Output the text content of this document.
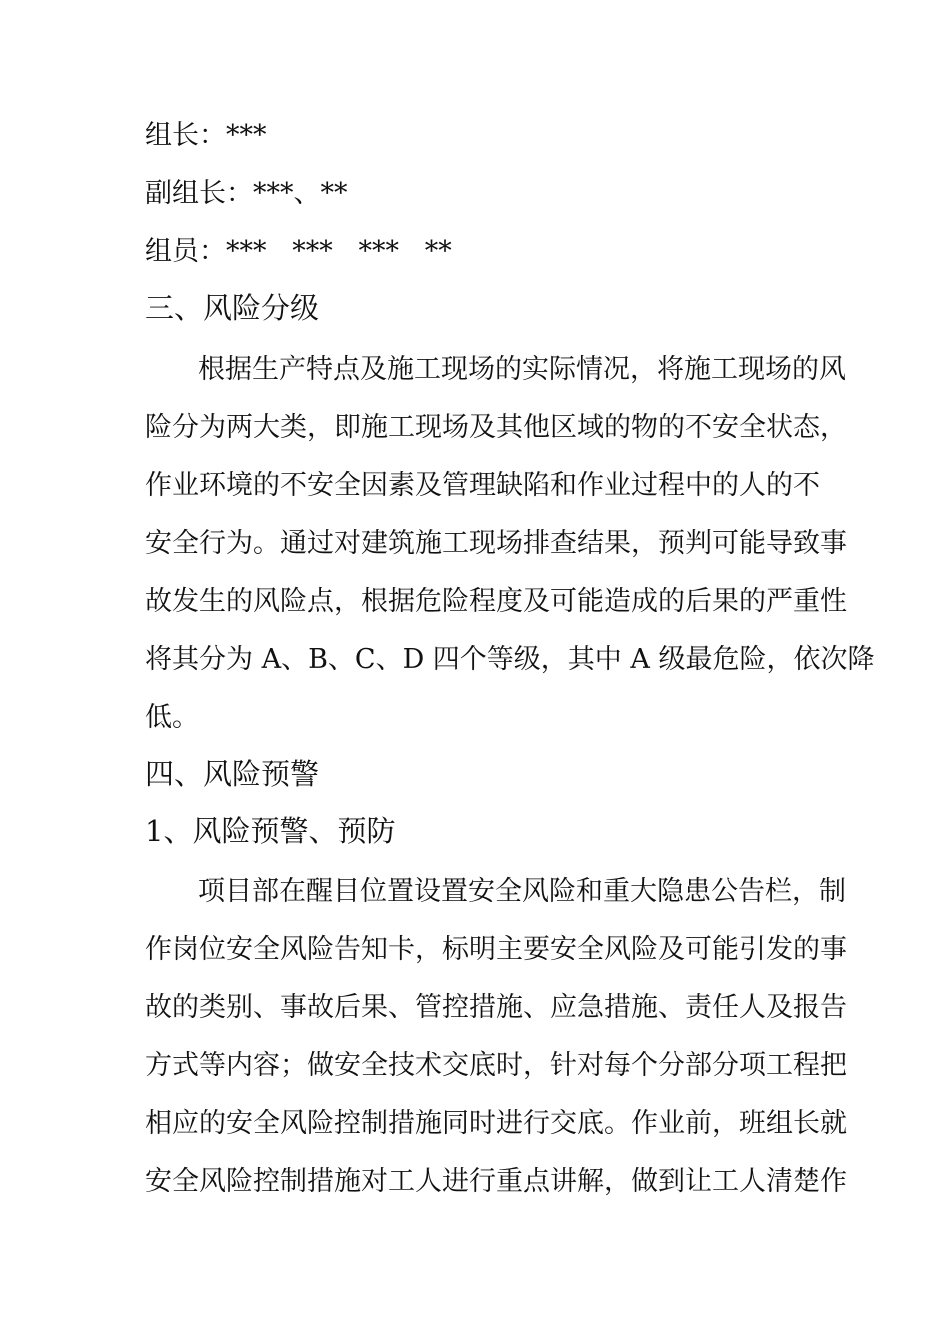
组长：***
副组长：***、**
组员：***   ***   ***   **
三、风险分级
根据生产特点及施工现场的实际情况，将施工现场的风
险分为两大类，即施工现场及其他区域的物的不安全状态，
作业环境的不安全因素及管理缺陷和作业过程中的人的不
安全行为。通过对建筑施工现场排查结果，预判可能导致事
故发生的风险点，根据危险程度及可能造成的后果的严重性
将其分为 A、B、C、D 四个等级，其中 A 级最危险，依次降
低。
四、风险预警
1、风险预警、预防
项目部在醒目位置设置安全风险和重大隐患公告栏，制
作岗位安全风险告知卡，标明主要安全风险及可能引发的事
故的类别、事故后果、管控措施、应急措施、责任人及报告
方式等内容；做安全技术交底时，针对每个分部分项工程把
相应的安全风险控制措施同时进行交底。作业前，班组长就
安全风险控制措施对工人进行重点讲解，做到让工人清楚作
